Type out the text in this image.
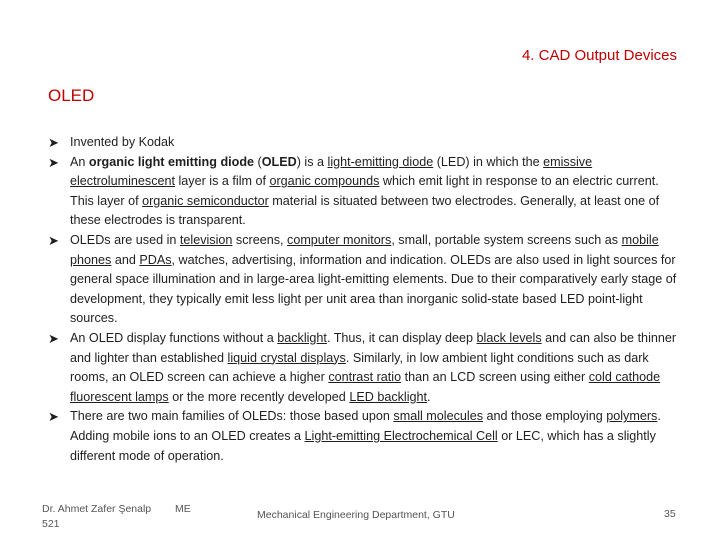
4. CAD Output Devices
OLED

➤ Invented by Kodak

➤ An organic light emitting diode (OLED) is a light-emitting diode (LED) in which the emissive electroluminescent layer is a film of organic compounds which emit light in response to an electric current. This layer of organic semiconductor material is situated between two electrodes. Generally, at least one of these electrodes is transparent.

➤ OLEDs are used in television screens, computer monitors, small, portable system screens such as mobile phones and PDAs, watches, advertising, information and indication. OLEDs are also used in light sources for general space illumination and in large-area light-emitting elements. Due to their comparatively early stage of development, they typically emit less light per unit area than inorganic solid-state based LED point-light sources.

➤ An OLED display functions without a backlight. Thus, it can display deep black levels and can also be thinner and lighter than established liquid crystal displays. Similarly, in low ambient light conditions such as dark rooms, an OLED screen can achieve a higher contrast ratio than an LCD screen using either cold cathode fluorescent lamps or the more recently developed LED backlight.

➤ There are two main families of OLEDs: those based upon small molecules and those employing polymers. Adding mobile ions to an OLED creates a Light-emitting Electrochemical Cell or LEC, which has a slightly different mode of operation.

Dr. Ahmet Zafer Şenalp
521
ME	Mechanical Engineering Department, GTU	35
